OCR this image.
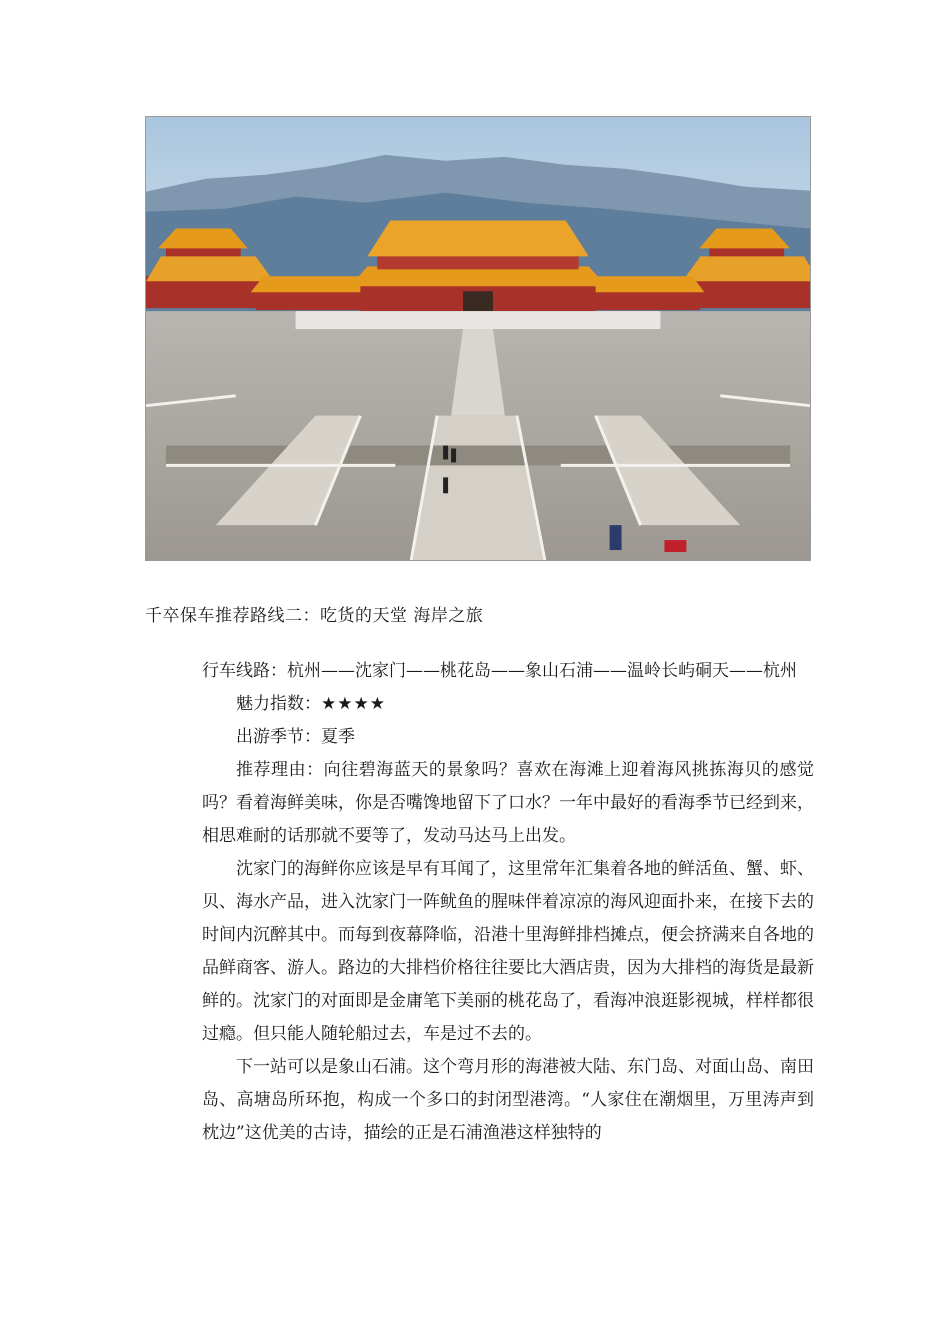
千卒保车推荐路线二：吃货的天堂 海岸之旅

行车线路：杭州——沈家门——桃花岛——象山石浦——温岭长屿硐天——杭州

魅力指数：★★★★

出游季节：夏季

推荐理由：向往碧海蓝天的景象吗？喜欢在海滩上迎着海风挑拣海贝的感觉吗？看着海鲜美味，你是否嘴馋地留下了口水？一年中最好的看海季节已经到来，相思难耐的话那就不要等了，发动马达马上出发。

沈家门的海鲜你应该是早有耳闻了，这里常年汇集着各地的鲜活鱼、蟹、虾、贝、海水产品，进入沈家门一阵鱿鱼的腥味伴着凉凉的海风迎面扑来，在接下去的时间内沉醉其中。而每到夜幕降临，沿港十里海鲜排档摊点，便会挤满来自各地的品鲜商客、游人。路边的大排档价格往往要比大酒店贵，因为大排档的海货是最新鲜的。沈家门的对面即是金庸笔下美丽的桃花岛了，看海冲浪逛影视城，样样都很过瘾。但只能人随轮船过去，车是过不去的。

下一站可以是象山石浦。这个弯月形的海港被大陆、东门岛、对面山岛、南田岛、高塘岛所环抱，构成一个多口的封闭型港湾。“人家住在潮烟里，万里涛声到枕边”这优美的古诗，描绘的正是石浦渔港这样独特的
